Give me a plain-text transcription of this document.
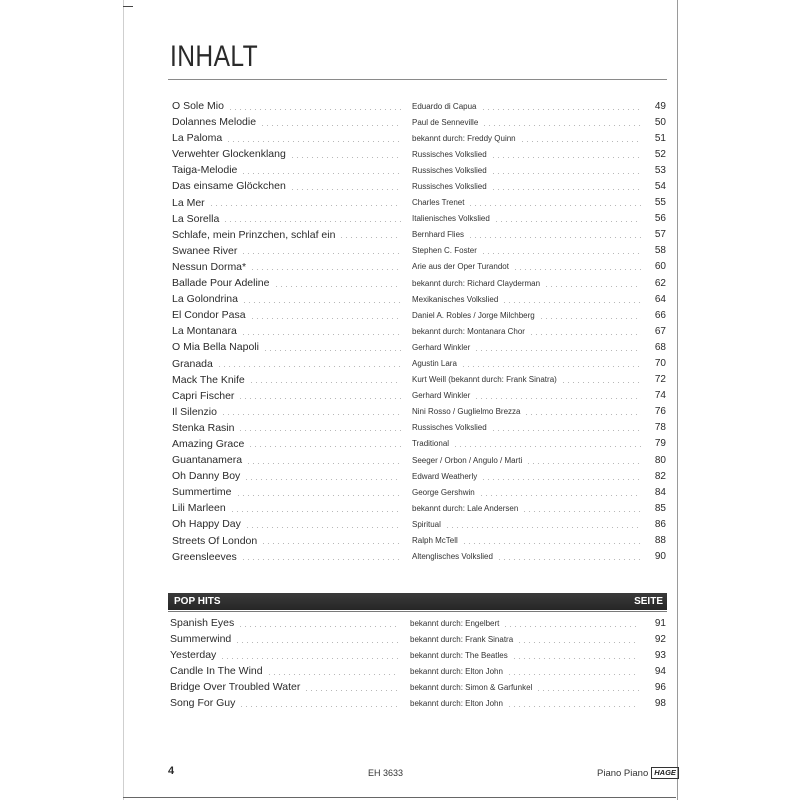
INHALT
O Sole Mio	Eduardo di Capua	49
Dolannes Melodie	Paul de Senneville	50
La Paloma	bekannt durch: Freddy Quinn	51
Verwehter Glockenklang	Russisches Volkslied	52
Taiga-Melodie	Russisches Volkslied	53
Das einsame Glöckchen	Russisches Volkslied	54
La Mer	Charles Trenet	55
La Sorella	Italienisches Volkslied	56
Schlafe, mein Prinzchen, schlaf ein	Bernhard Flies	57
Swanee River	Stephen C. Foster	58
Nessun Dorma*	Arie aus der Oper Turandot	60
Ballade Pour Adeline	bekannt durch: Richard Clayderman	62
La Golondrina	Mexikanisches Volkslied	64
El Condor Pasa	Daniel A. Robles / Jorge Milchberg	66
La Montanara	bekannt durch: Montanara Chor	67
O Mia Bella Napoli	Gerhard Winkler	68
Granada	Agustin Lara	70
Mack The Knife	Kurt Weill (bekannt durch: Frank Sinatra)	72
Capri Fischer	Gerhard Winkler	74
Il Silenzio	Nini Rosso / Guglielmo Brezza	76
Stenka Rasin	Russisches Volkslied	78
Amazing Grace	Traditional	79
Guantanamera	Seeger / Orbon / Angulo / Marti	80
Oh Danny Boy	Edward Weatherly	82
Summertime	George Gershwin	84
Lili Marleen	bekannt durch: Lale Andersen	85
Oh Happy Day	Spiritual	86
Streets Of London	Ralph McTell	88
Greensleeves	Altenglisches Volkslied	90
POP HITS	SEITE
Spanish Eyes	bekannt durch: Engelbert	91
Summerwind	bekannt durch: Frank Sinatra	92
Yesterday	bekannt durch: The Beatles	93
Candle In The Wind	bekannt durch: Elton John	94
Bridge Over Troubled Water	bekannt durch: Simon & Garfunkel	96
Song For Guy	bekannt durch: Elton John	98
4	EH 3633	Piano Piano HAGE
